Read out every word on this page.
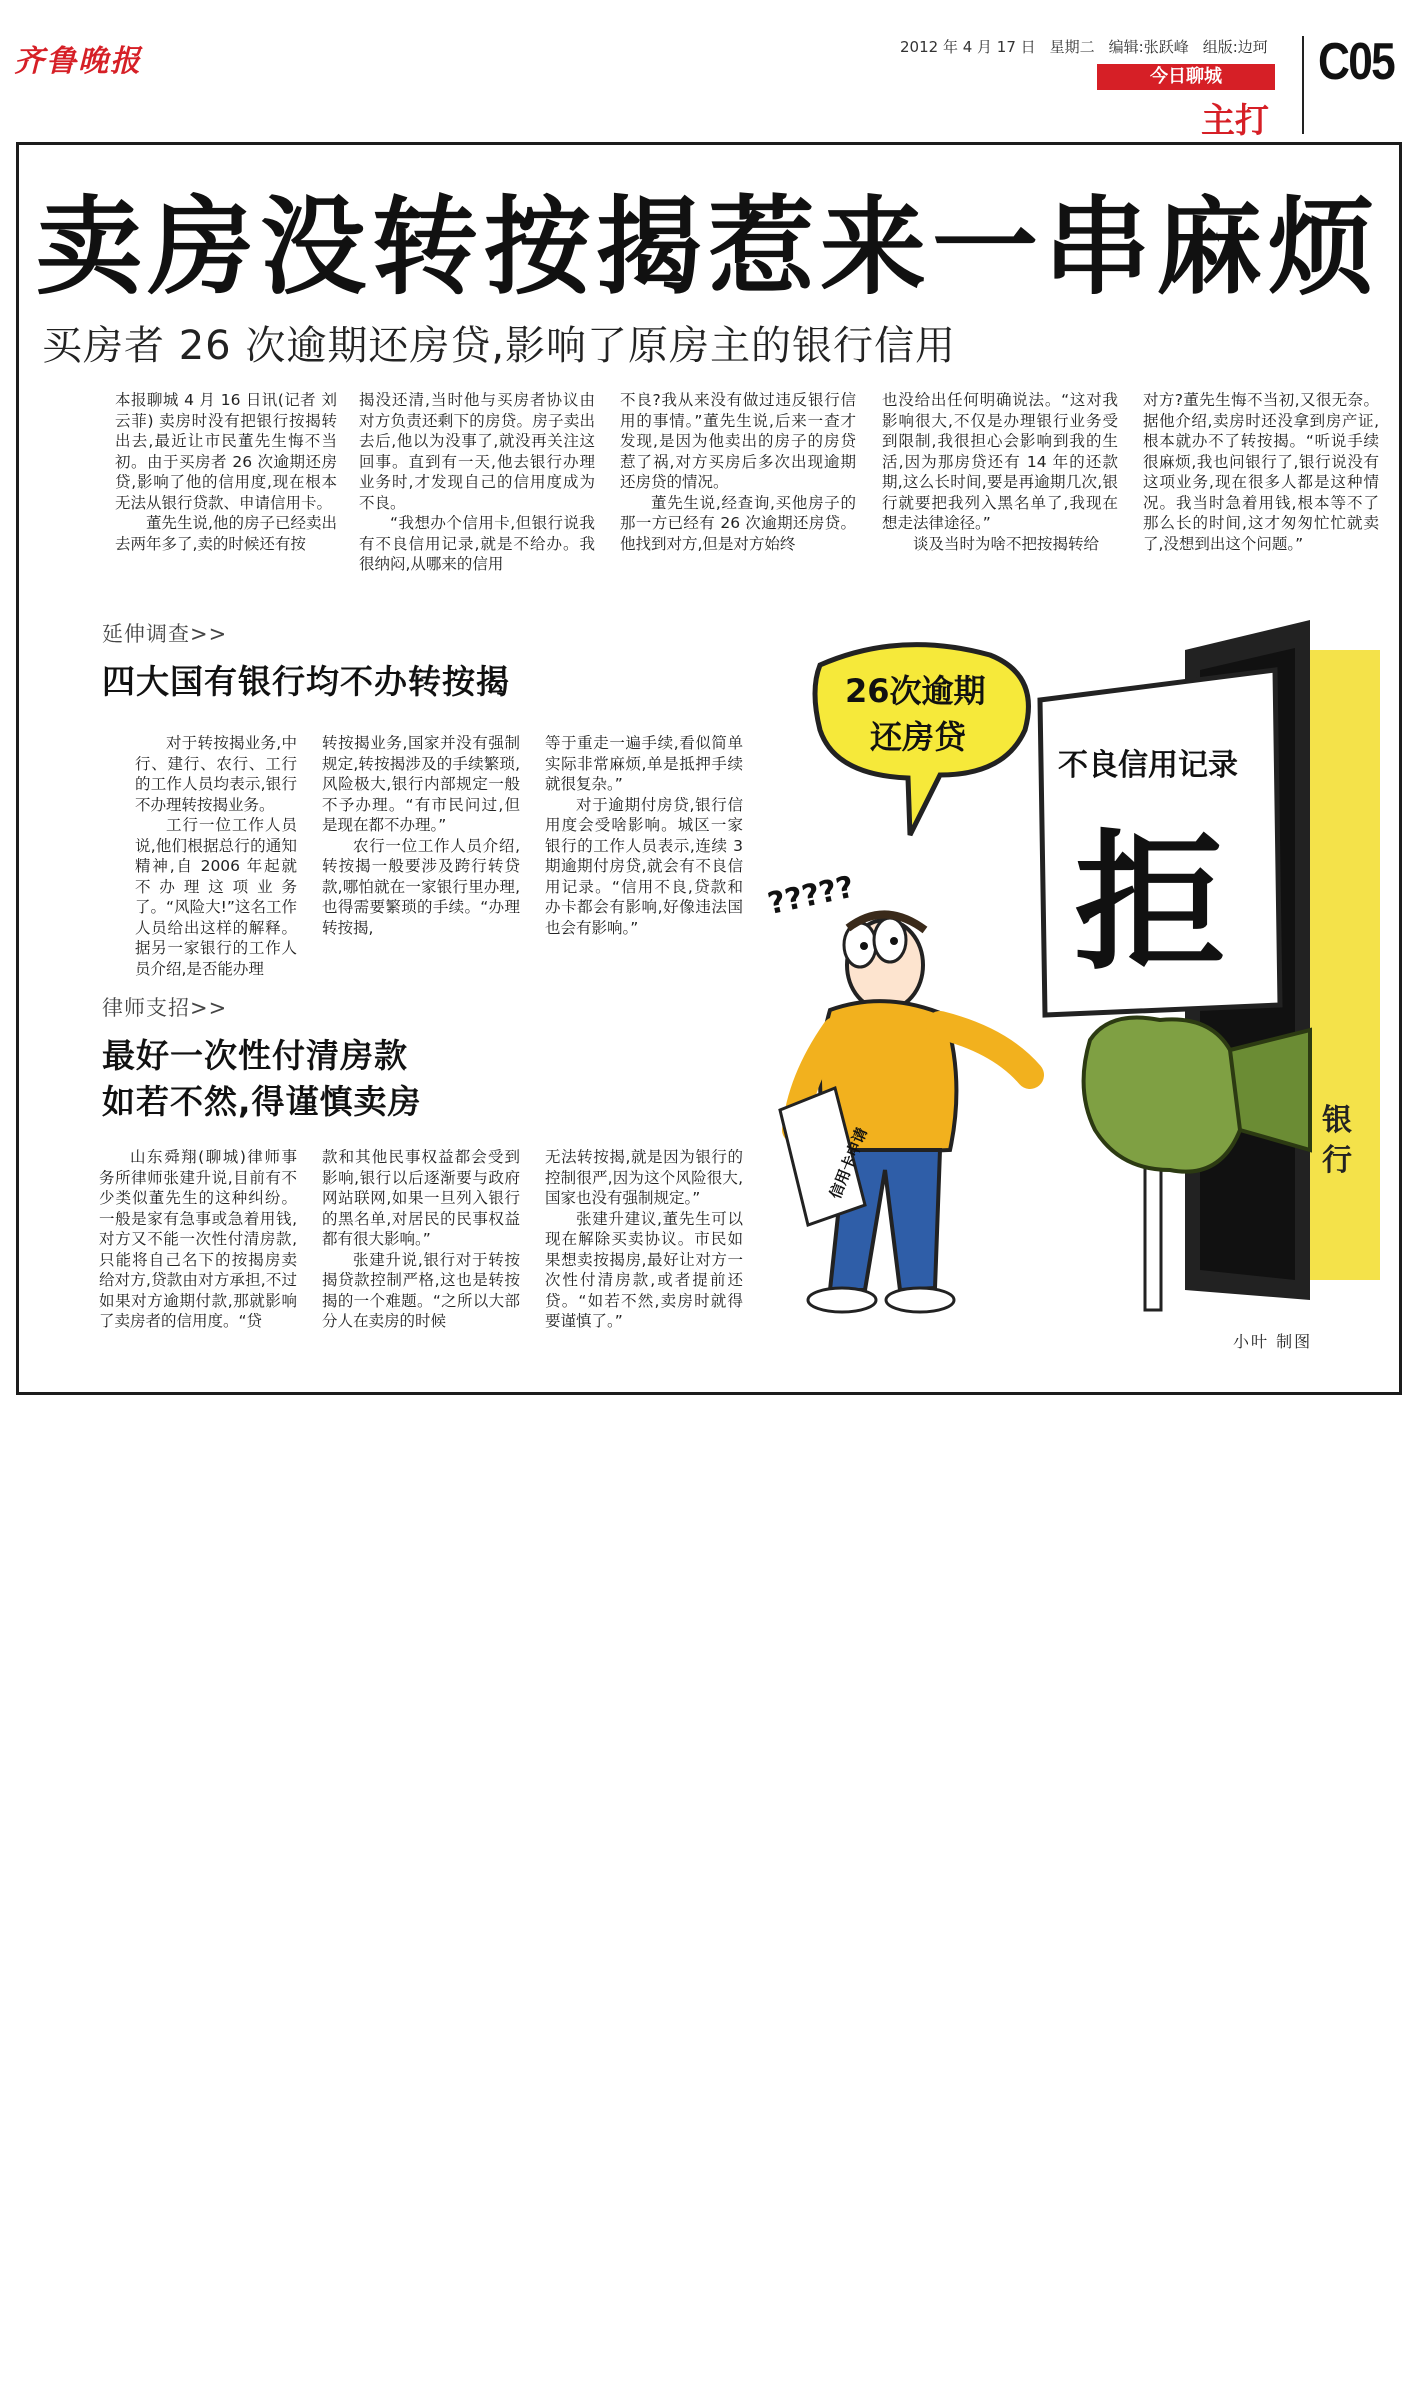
齐鲁晚报	2012 年 4 月 17 日 星期二 编辑:张跃峰 组版:边珂
今日聊城
主打
C05
卖房没转按揭惹来一串麻烦
买房者 26 次逾期还房贷,影响了原房主的银行信用

本报聊城 4 月 16 日讯(记者 刘云菲) 卖房时没有把银行按揭转出去,最近让市民董先生悔不当初。由于买房者 26 次逾期还房贷,影响了他的信用度,现在根本无法从银行贷款、申请信用卡。

董先生说,他的房子已经卖出去两年多了,卖的时候还有按

揭没还清,当时他与买房者协议由对方负责还剩下的房贷。房子卖出去后,他以为没事了,就没再关注这回事。直到有一天,他去银行办理业务时,才发现自己的信用度成为不良。

“我想办个信用卡,但银行说我有不良信用记录,就是不给办。我很纳闷,从哪来的信用

不良?我从来没有做过违反银行信用的事情。”董先生说,后来一查才发现,是因为他卖出的房子的房贷惹了祸,对方买房后多次出现逾期还房贷的情况。

董先生说,经查询,买他房子的那一方已经有 26 次逾期还房贷。他找到对方,但是对方始终

也没给出任何明确说法。“这对我影响很大,不仅是办理银行业务受到限制,我很担心会影响到我的生活,因为那房贷还有 14 年的还款期,这么长时间,要是再逾期几次,银行就要把我列入黑名单了,我现在想走法律途径。”

谈及当时为啥不把按揭转给

对方?董先生悔不当初,又很无奈。据他介绍,卖房时还没拿到房产证,根本就办不了转按揭。“听说手续很麻烦,我也问银行了,银行说没有这项业务,现在很多人都是这种情况。我当时急着用钱,根本等不了那么长的时间,这才匆匆忙忙就卖了,没想到出这个问题。”

延伸调查>>
四大国有银行均不办转按揭

对于转按揭业务,中行、建行、农行、工行的工作人员均表示,银行不办理转按揭业务。

工行一位工作人员说,他们根据总行的通知精神,自 2006 年起就不办理这项业务了。“风险大!”这名工作人员给出这样的解释。据另一家银行的工作人员介绍,是否能办理

转按揭业务,国家并没有强制规定,转按揭涉及的手续繁琐,风险极大,银行内部规定一般不予办理。“有市民问过,但是现在都不办理。”

农行一位工作人员介绍,转按揭一般要涉及跨行转贷款,哪怕就在一家银行里办理,也得需要繁琐的手续。“办理转按揭,

等于重走一遍手续,看似简单实际非常麻烦,单是抵押手续就很复杂。”

对于逾期付房贷,银行信用度会受啥影响。城区一家银行的工作人员表示,连续 3 期逾期付房贷,就会有不良信用记录。“信用不良,贷款和办卡都会有影响,好像违法国也会有影响。”

律师支招>>
最好一次性付清房款
如若不然,得谨慎卖房

山东舜翔(聊城)律师事务所律师张建升说,目前有不少类似董先生的这种纠纷。一般是家有急事或急着用钱,对方又不能一次性付清房款,只能将自己名下的按揭房卖给对方,贷款由对方承担,不过如果对方逾期付款,那就影响了卖房者的信用度。“贷

款和其他民事权益都会受到影响,银行以后逐渐要与政府网站联网,如果一旦列入银行的黑名单,对居民的民事权益都有很大影响。”

张建升说,银行对于转按揭贷款控制严格,这也是转按揭的一个难题。“之所以大部分人在卖房的时候

无法转按揭,就是因为银行的控制很严,因为这个风险很大,国家也没有强制规定。”

张建升建议,董先生可以现在解除买卖协议。市民如果想卖按揭房,最好让对方一次性付清房款,或者提前还贷。“如若不然,卖房时就得要谨慎了。”

银
行
不良信用记录
拒
26次逾期
还房贷
?????
信用卡申请
小叶 制图
